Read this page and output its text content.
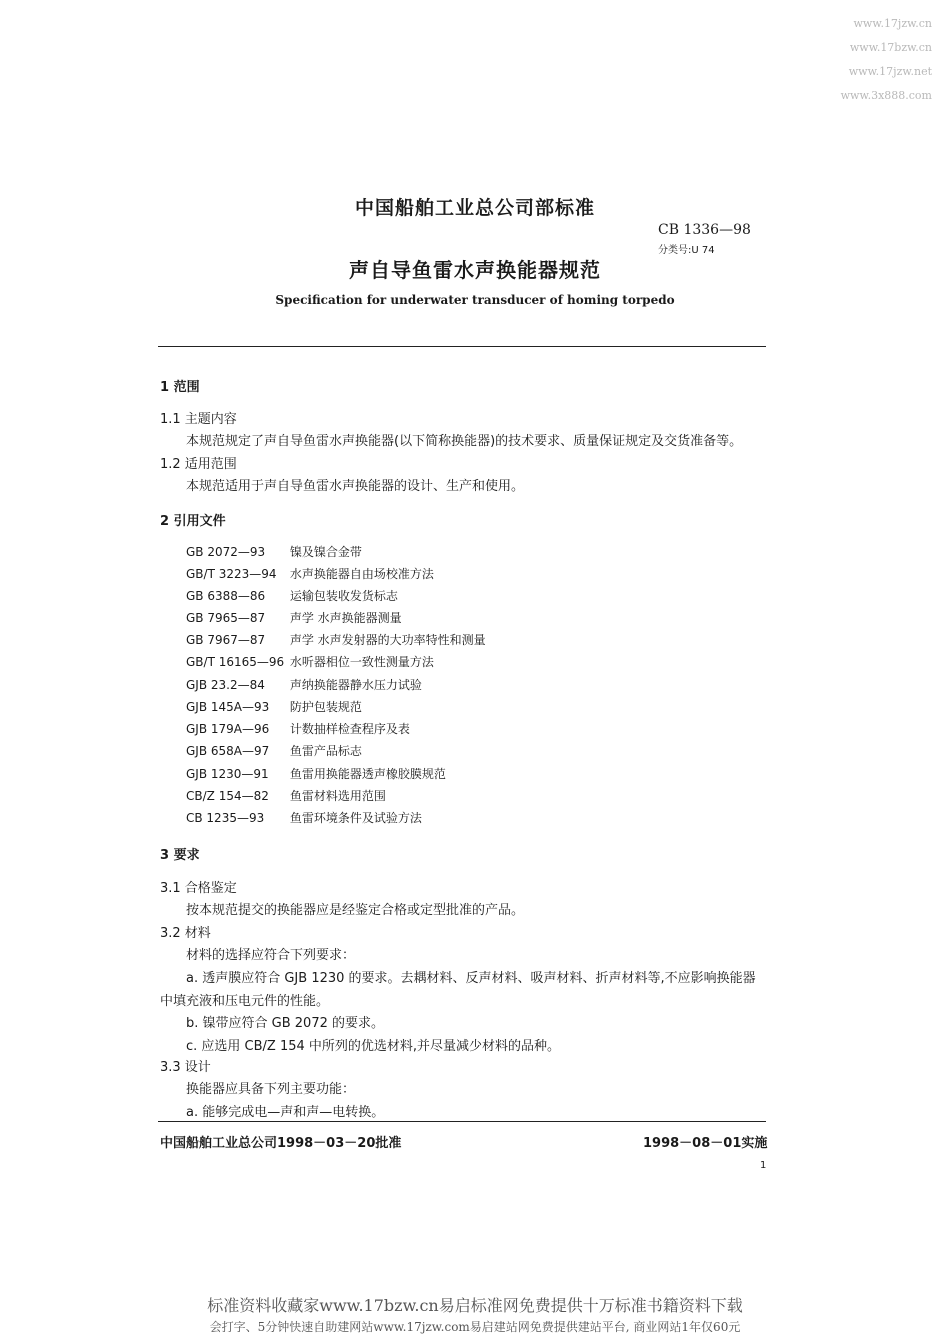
www.17jzw.cn
www.17bzw.cn
www.17jzw.net
www.3x888.com
中国船舶工业总公司部标准
CB 1336—98
分类号:U 74
声自导鱼雷水声换能器规范
Specification for underwater transducer of homing torpedo
1 范围
1.1 主题内容
本规范规定了声自导鱼雷水声换能器(以下简称换能器)的技术要求、质量保证规定及交货准备等。
1.2 适用范围
本规范适用于声自导鱼雷水声换能器的设计、生产和使用。
2 引用文件
GB 2072—93 镍及镍合金带
GB/T 3223—94 水声换能器自由场校准方法
GB 6388—86 运输包装收发货标志
GB 7965—87 声学 水声换能器测量
GB 7967—87 声学 水声发射器的大功率特性和测量
GB/T 16165—96 水听器相位一致性测量方法
GJB 23.2—84 声纳换能器静水压力试验
GJB 145A—93 防护包装规范
GJB 179A—96 计数抽样检查程序及表
GJB 658A—97 鱼雷产品标志
GJB 1230—91 鱼雷用换能器透声橡胶膜规范
CB/Z 154—82 鱼雷材料选用范围
CB 1235—93 鱼雷环境条件及试验方法
3 要求
3.1 合格鉴定
按本规范提交的换能器应是经鉴定合格或定型批准的产品。
3.2 材料
材料的选择应符合下列要求：
a. 透声膜应符合 GJB 1230 的要求。去耦材料、反声材料、吸声材料、折声材料等,不应影响换能器
中填充液和压电元件的性能。
b. 镍带应符合 GB 2072 的要求。
c. 应选用 CB/Z 154 中所列的优选材料,并尽量减少材料的品种。
3.3 设计
换能器应具备下列主要功能：
a. 能够完成电—声和声—电转换。
中国船舶工业总公司1998－03－20批准	1998－08－01实施
1
标准资料收藏家www.17bzw.cn易启标准网免费提供十万标准书籍资料下载
会打字、5分钟快速自助建网站www.17jzw.com易启建站网免费提供建站平台, 商业网站1年仅60元
